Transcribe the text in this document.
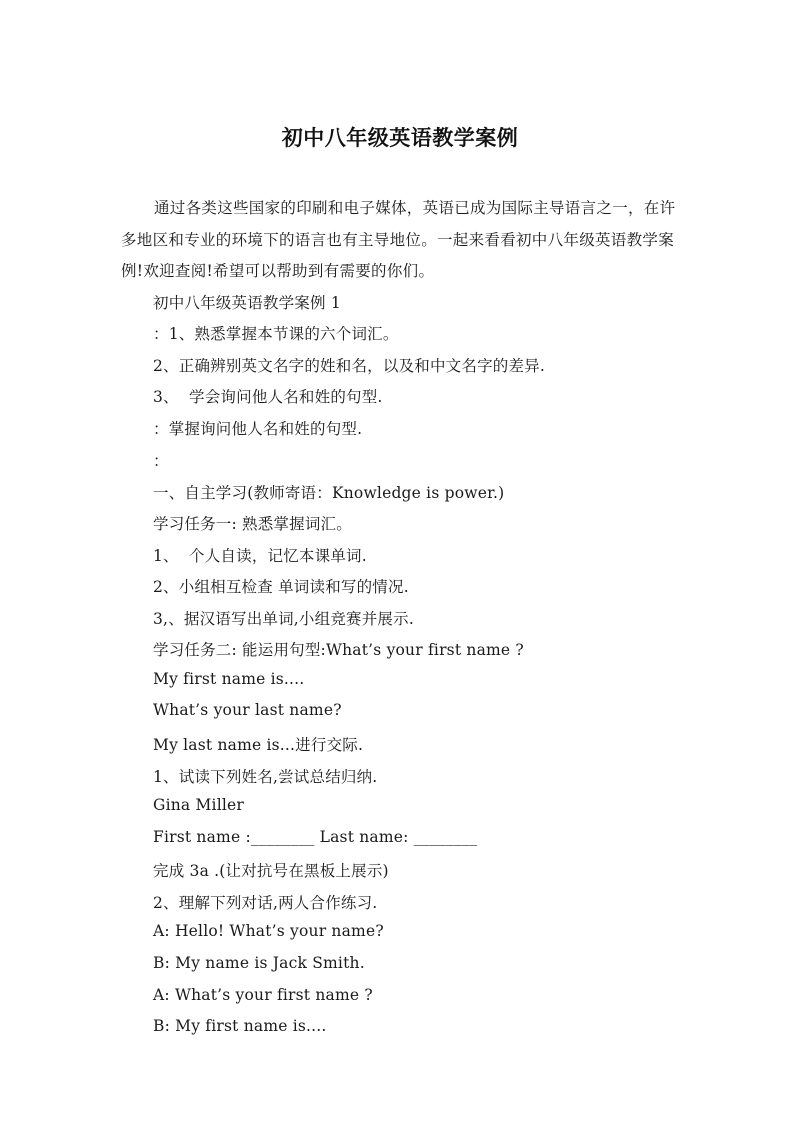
初中八年级英语教学案例
通过各类这些国家的印刷和电子媒体，英语已成为国际主导语言之一，在许多地区和专业的环境下的语言也有主导地位。一起来看看初中八年级英语教学案例!欢迎查阅!希望可以帮助到有需要的你们。
初中八年级英语教学案例 1
：1、熟悉掌握本节课的六个词汇。
2、正确辨别英文名字的姓和名，以及和中文名字的差异.
3、  学会询问他人名和姓的句型.
：掌握询问他人名和姓的句型.
：
一、自主学习(教师寄语：Knowledge is power.)
学习任务一: 熟悉掌握词汇。
1、  个人自读，记忆本课单词.
2、小组相互检查 单词读和写的情况.
3,、据汉语写出单词,小组竞赛并展示.
学习任务二: 能运用句型:What’s your first name ?
My first name is....
What’s your last name?
My last name is...进行交际.
1、试读下列姓名,尝试总结归纳.
Gina Miller
First name :________ Last name: ________
完成 3a .(让对抗号在黑板上展示)
2、理解下列对话,两人合作练习.
A: Hello! What’s your name?
B: My name is Jack Smith.
A: What’s your first name ?
B: My first name is....
